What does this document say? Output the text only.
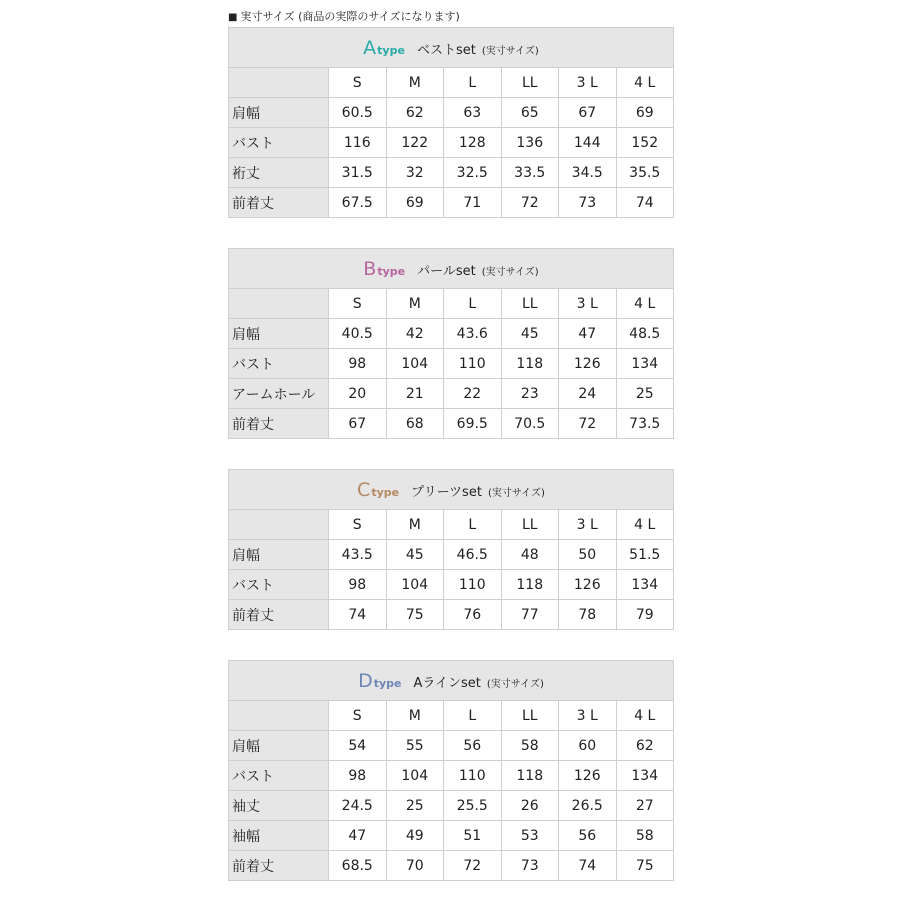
■ 実寸サイズ (商品の実際のサイズになります)
Atype ベストset (実寸サイズ)						
	S	M	L	LL	3 L	4 L
肩幅	60.5	62	63	65	67	69
バスト	116	122	128	136	144	152
裄丈	31.5	32	32.5	33.5	34.5	35.5
前着丈	67.5	69	71	72	73	74
Btype パールset (実寸サイズ)						
	S	M	L	LL	3 L	4 L
肩幅	40.5	42	43.6	45	47	48.5
バスト	98	104	110	118	126	134
アームホール	20	21	22	23	24	25
前着丈	67	68	69.5	70.5	72	73.5
Ctype プリーツset (実寸サイズ)						
	S	M	L	LL	3 L	4 L
肩幅	43.5	45	46.5	48	50	51.5
バスト	98	104	110	118	126	134
前着丈	74	75	76	77	78	79
Dtype Aラインset (実寸サイズ)						
	S	M	L	LL	3 L	4 L
肩幅	54	55	56	58	60	62
バスト	98	104	110	118	126	134
袖丈	24.5	25	25.5	26	26.5	27
袖幅	47	49	51	53	56	58
前着丈	68.5	70	72	73	74	75
